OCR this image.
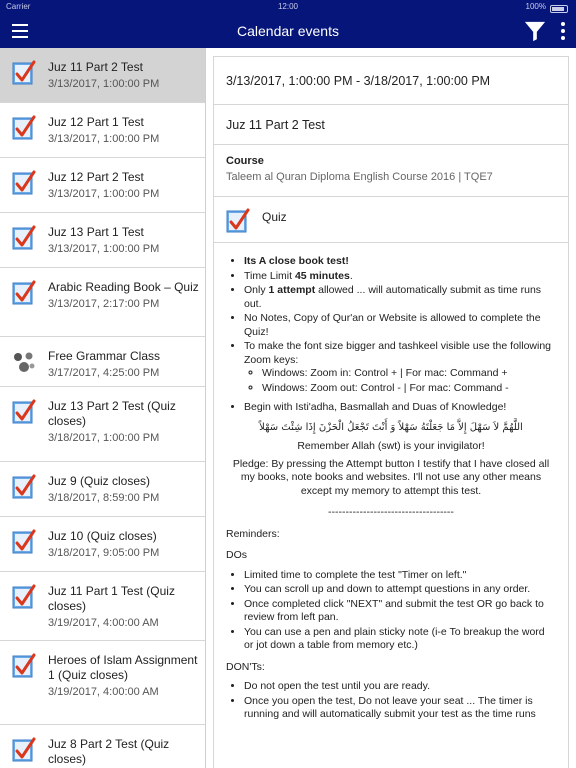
Carrier	12:00	100%
Calendar events
Juz 11 Part 2 Test
3/13/2017, 1:00:00 PM
Juz 12 Part 1 Test
3/13/2017, 1:00:00 PM
Juz 12 Part 2 Test
3/13/2017, 1:00:00 PM
Juz 13 Part 1 Test
3/13/2017, 1:00:00 PM
Arabic Reading Book – Quiz
3/13/2017, 2:17:00 PM
Free Grammar Class
3/17/2017, 4:25:00 PM
Juz 13 Part 2 Test (Quiz closes)
3/18/2017, 1:00:00 PM
Juz 9 (Quiz closes)
3/18/2017, 8:59:00 PM
Juz 10 (Quiz closes)
3/18/2017, 9:05:00 PM
Juz 11 Part 1 Test (Quiz closes)
3/19/2017, 4:00:00 AM
Heroes of Islam Assignment 1 (Quiz closes)
3/19/2017, 4:00:00 AM
Juz 8 Part 2 Test (Quiz closes)
3/13/2017, 1:00:00 PM - 3/18/2017, 1:00:00 PM
Juz 11 Part 2 Test
Course
Taleem al Quran Diploma English Course 2016 | TQE7
Quiz
• Its A close book test!
• Time Limit 45 minutes.
• Only 1 attempt allowed ... will automatically submit as time runs out.
• No Notes, Copy of Qur'an or Website is allowed to complete the Quiz!
• To make the font size bigger and tashkeel visible use the following Zoom keys:
◦ Windows: Zoom in: Control + | For mac: Command +
◦ Windows: Zoom out: Control - | For mac: Command -
• Begin with Isti'adha, Basmallah and Duas of Knowledge!
اللَّهُمَّ لاَ سَهْلَ إِلاَّ مَا جَعَلْتَهُ سَهْلاً وَ أَنْتَ تَجْعَلُ الْحَزْنَ إِذَا شِئْتَ سَهْلاً

Remember Allah (swt) is your invigilator!

Pledge: By pressing the Attempt button I testify that I have closed all my books, note books and websites. I'll not use any other means except my memory to attempt this test.

------------------------------------

Reminders:

DOs

• Limited time to complete the test "Timer on left."
• You can scroll up and down to attempt questions in any order.
• Once completed click "NEXT" and submit the test OR go back to review from left pan.
• You can use a pen and plain sticky note (i-e To breakup the word or jot down a table from memory etc.)

DON'Ts:

• Do not open the test until you are ready.
• Once you open the test, Do not leave your seat ... The timer is running and will automatically submit your test as the time runs
